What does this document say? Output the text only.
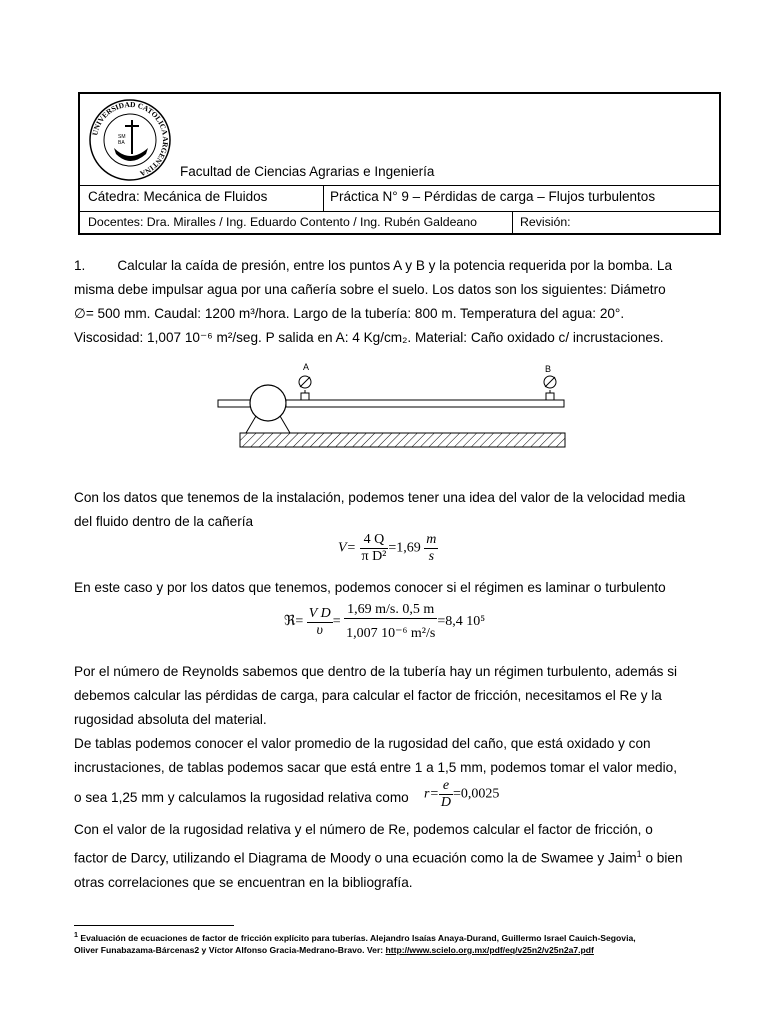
UNIVERSIDAD CATOLICA ARGENTINA
SM
BA
Facultad de Ciencias Agrarias e Ingeniería
Cátedra: Mecánica de Fluidos	Práctica N° 9 – Pérdidas de carga – Flujos turbulentos
Docentes: Dra. Miralles / Ing. Eduardo Contento / Ing. Rubén Galdeano	Revisión:
1. Calcular la caída de presión, entre los puntos A y B y la potencia requerida por la bomba. La
misma debe impulsar agua por una cañería sobre el suelo. Los datos son los siguientes: Diámetro
∅= 500 mm. Caudal: 1200 m³/hora. Largo de la tubería: 800 m. Temperatura del agua: 20°.
Viscosidad: 1,007 10⁻⁶ m²/seg. P salida en A: 4 Kg/cm₂. Material: Caño oxidado c/ incrustaciones.
A	B
Con los datos que tenemos de la instalación, podemos tener una idea del valor de la velocidad media
del fluido dentro de la cañería
$V= \frac{4 Q}{\text{π D²}} =1,69 \frac{m}{s}$
En este caso y por los datos que tenemos, podemos conocer si el régimen es laminar o turbulento
ℜ= $\frac{\text{V D}}{\upsilon} = \frac{1,69 m/s. 0,5 m}{\text{1,007 10⁻⁶ m²/s}} =8,4$ 10⁵
Por el número de Reynolds sabemos que dentro de la tubería hay un régimen turbulento, además si
debemos calcular las pérdidas de carga, para calcular el factor de fricción, necesitamos el Re y la
rugosidad absoluta del material.
De tablas podemos conocer el valor promedio de la rugosidad del caño, que está oxidado y con
incrustaciones, de tablas podemos sacar que está entre 1 a 1,5 mm, podemos tomar el valor medio,
o sea 1,25 mm y calculamos la rugosidad relativa como	$r= \frac{e}{D} =0,0025$
Con el valor de la rugosidad relativa y el número de Re, podemos calcular el factor de fricción, o
factor de Darcy, utilizando el Diagrama de Moody o una ecuación como la de Swamee y Jaim$^1$ o bien
otras correlaciones que se encuentran en la bibliografía.
$^1$ Evaluación de ecuaciones de factor de fricción explícito para tuberías. Alejandro Isaías Anaya-Durand, Guillermo Israel Cauich-Segovia,
Oliver Funabazama-Bárcenas2 y Víctor Alfonso Gracia-Medrano-Bravo. Ver: http://www.scielo.org.mx/pdf/eq/v25n2/v25n2a7.pdf
